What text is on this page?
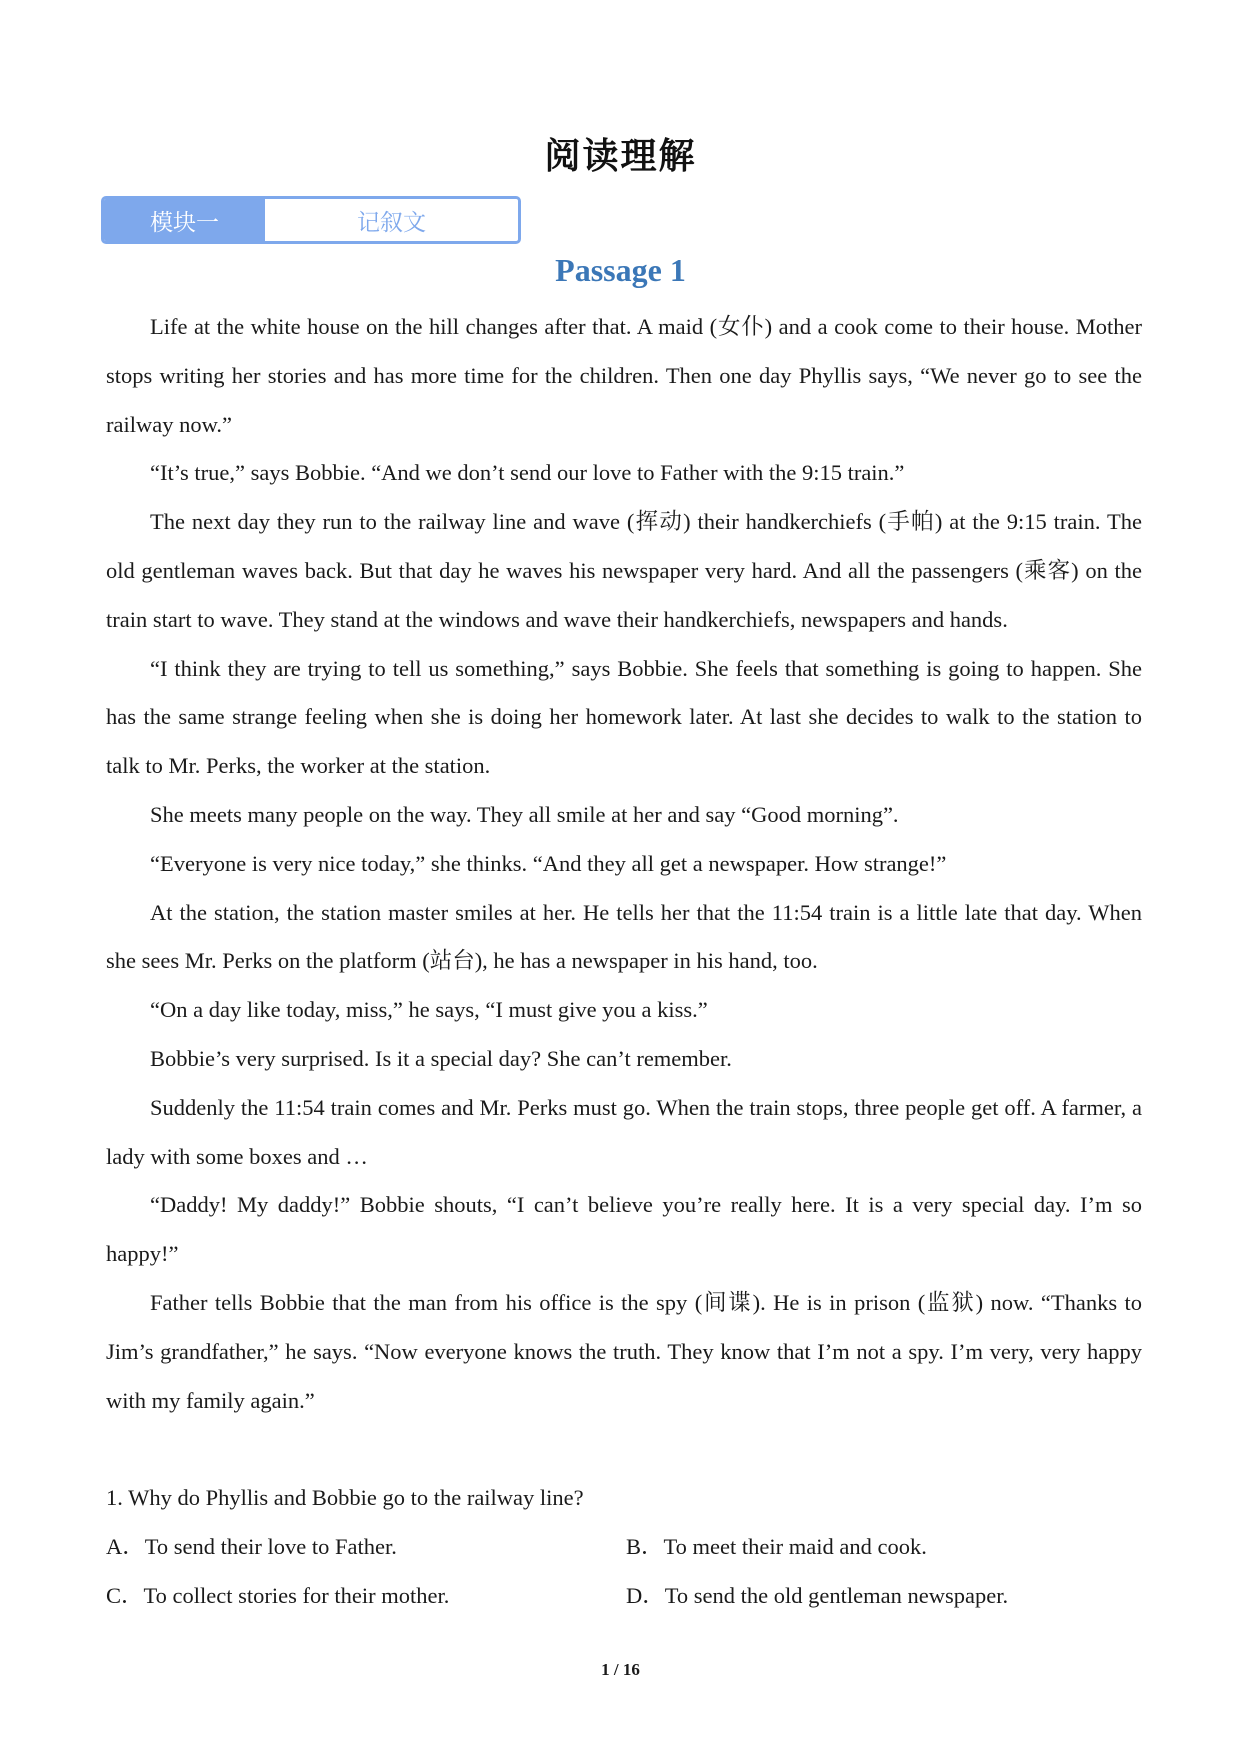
阅读理解
模块一	记叙文
Passage 1

Life at the white house on the hill changes after that. A maid (女仆) and a cook come to their house. Mother stops writing her stories and has more time for the children. Then one day Phyllis says, “We never go to see the railway now.”

“It’s true,” says Bobbie. “And we don’t send our love to Father with the 9:15 train.”

The next day they run to the railway line and wave (挥动) their handkerchiefs (手帕) at the 9:15 train. The old gentleman waves back. But that day he waves his newspaper very hard. And all the passengers (乘客) on the train start to wave. They stand at the windows and wave their handkerchiefs, newspapers and hands.

“I think they are trying to tell us something,” says Bobbie. She feels that something is going to happen. She has the same strange feeling when she is doing her homework later. At last she decides to walk to the station to talk to Mr. Perks, the worker at the station.

She meets many people on the way. They all smile at her and say “Good morning”.

“Everyone is very nice today,” she thinks. “And they all get a newspaper. How strange!”

At the station, the station master smiles at her. He tells her that the 11:54 train is a little late that day. When she sees Mr. Perks on the platform (站台), he has a newspaper in his hand, too.

“On a day like today, miss,” he says, “I must give you a kiss.”

Bobbie’s very surprised. Is it a special day? She can’t remember.

Suddenly the 11:54 train comes and Mr. Perks must go. When the train stops, three people get off. A farmer, a lady with some boxes and …

“Daddy! My daddy!” Bobbie shouts, “I can’t believe you’re really here. It is a very special day. I’m so happy!”

Father tells Bobbie that the man from his office is the spy (间谍). He is in prison (监狱) now. “Thanks to Jim’s grandfather,” he says. “Now everyone knows the truth. They know that I’m not a spy. I’m very, very happy with my family again.”

1. Why do Phyllis and Bobbie go to the railway line?

A．To send their love to Father.	B．To meet their maid and cook.
C．To collect stories for their mother.	D．To send the old gentleman newspaper.
1 / 16
